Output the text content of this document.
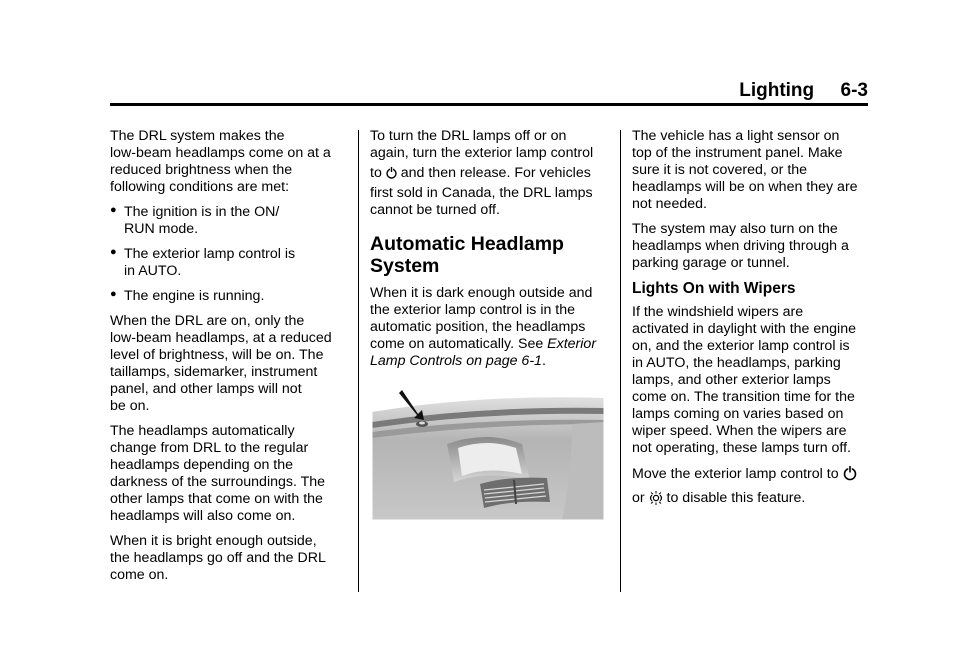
Lighting     6-3

The DRL system makes the
low-beam headlamps come on at a
reduced brightness when the
following conditions are met:

● The ignition is in the ON/
RUN mode.
● The exterior lamp control is
in AUTO.
● The engine is running.

When the DRL are on, only the
low-beam headlamps, at a reduced
level of brightness, will be on. The
taillamps, sidemarker, instrument
panel, and other lamps will not
be on.

The headlamps automatically
change from DRL to the regular
headlamps depending on the
darkness of the surroundings. The
other lamps that come on with the
headlamps will also come on.

When it is bright enough outside,
the headlamps go off and the DRL
come on.

To turn the DRL lamps off or on
again, turn the exterior lamp control
to and then release. For vehicles
first sold in Canada, the DRL lamps
cannot be turned off.

Automatic Headlamp
System

When it is dark enough outside and
the exterior lamp control is in the
automatic position, the headlamps
come on automatically. See Exterior
Lamp Controls on page 6-1.

The vehicle has a light sensor on
top of the instrument panel. Make
sure it is not covered, or the
headlamps will be on when they are
not needed.

The system may also turn on the
headlamps when driving through a
parking garage or tunnel.

Lights On with Wipers

If the windshield wipers are
activated in daylight with the engine
on, and the exterior lamp control is
in AUTO, the headlamps, parking
lamps, and other exterior lamps
come on. The transition time for the
lamps coming on varies based on
wiper speed. When the wipers are
not operating, these lamps turn off.

Move the exterior lamp control to
or to disable this feature.
